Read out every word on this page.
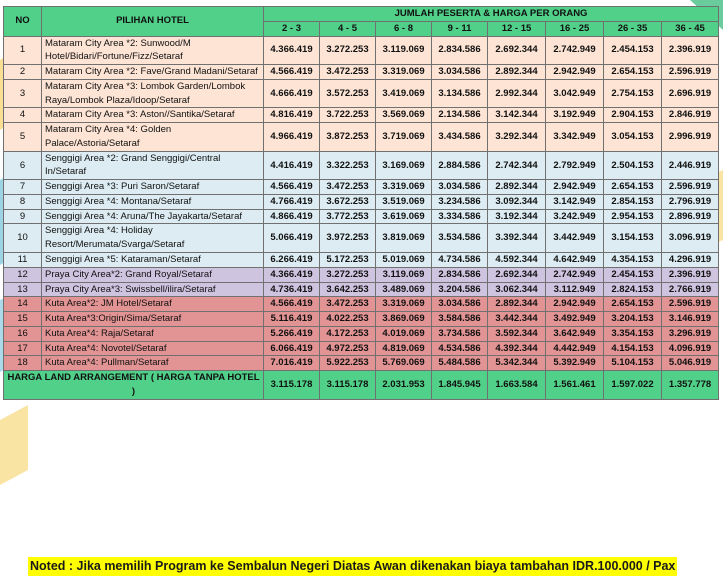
NO	PILIHAN HOTEL	JUMLAH PESERTA & HARGA PER ORANG							
		2 - 3	4 - 5	6 - 8	9 - 11	12 - 15	16 - 25	26 - 35	36 - 45
1	Mataram City Area *2: Sunwood/M Hotel/Bidari/Fortune/Fizz/Setaraf	4.366.419	3.272.253	3.119.069	2.834.586	2.692.344	2.742.949	2.454.153	2.396.919
2	Mataram City Area *2: Fave/Grand Madani/Setaraf	4.566.419	3.472.253	3.319.069	3.034.586	2.892.344	2.942.949	2.654.153	2.596.919
3	Mataram City Area *3: Lombok Garden/Lombok Raya/Lombok Plaza/Idoop/Setaraf	4.666.419	3.572.253	3.419.069	3.134.586	2.992.344	3.042.949	2.754.153	2.696.919
4	Mataram City Area *3: Aston//Santika/Setaraf	4.816.419	3.722.253	3.569.069	2.134.586	3.142.344	3.192.949	2.904.153	2.846.919
5	Mataram City Area *4: Golden Palace/Astoria/Setaraf	4.966.419	3.872.253	3.719.069	3.434.586	3.292.344	3.342.949	3.054.153	2.996.919
6	Senggigi Area *2: Grand Senggigi/Central In/Setaraf	4.416.419	3.322.253	3.169.069	2.884.586	2.742.344	2.792.949	2.504.153	2.446.919
7	Senggigi Area *3: Puri Saron/Setaraf	4.566.419	3.472.253	3.319.069	3.034.586	2.892.344	2.942.949	2.654.153	2.596.919
8	Senggigi Area *4: Montana/Setaraf	4.766.419	3.672.253	3.519.069	3.234.586	3.092.344	3.142.949	2.854.153	2.796.919
9	Senggigi Area *4: Aruna/The Jayakarta/Setaraf	4.866.419	3.772.253	3.619.069	3.334.586	3.192.344	3.242.949	2.954.153	2.896.919
10	Senggigi Area *4: Holiday Resort/Merumata/Svarga/Setaraf	5.066.419	3.972.253	3.819.069	3.534.586	3.392.344	3.442.949	3.154.153	3.096.919
11	Senggigi Area *5: Kataraman/Setaraf	6.266.419	5.172.253	5.019.069	4.734.586	4.592.344	4.642.949	4.354.153	4.296.919
12	Praya City Area*2: Grand Royal/Setaraf	4.366.419	3.272.253	3.119.069	2.834.586	2.692.344	2.742.949	2.454.153	2.396.919
13	Praya City Area*3: Swissbell/ilira/Setaraf	4.736.419	3.642.253	3.489.069	3.204.586	3.062.344	3.112.949	2.824.153	2.766.919
14	Kuta Area*2: JM Hotel/Setaraf	4.566.419	3.472.253	3.319.069	3.034.586	2.892.344	2.942.949	2.654.153	2.596.919
15	Kuta Area*3:Origin/Sima/Setaraf	5.116.419	4.022.253	3.869.069	3.584.586	3.442.344	3.492.949	3.204.153	3.146.919
16	Kuta Area*4: Raja/Setaraf	5.266.419	4.172.253	4.019.069	3.734.586	3.592.344	3.642.949	3.354.153	3.296.919
17	Kuta Area*4: Novotel/Setaraf	6.066.419	4.972.253	4.819.069	4.534.586	4.392.344	4.442.949	4.154.153	4.096.919
18	Kuta Area*4: Pullman/Setaraf	7.016.419	5.922.253	5.769.069	5.484.586	5.342.344	5.392.949	5.104.153	5.046.919
HARGA LAND ARRANGEMENT ( HARGA TANPA HOTEL )		3.115.178	3.115.178	2.031.953	1.845.945	1.663.584	1.561.461	1.597.022	1.357.778
Noted : Jika memilih Program ke Sembalun Negeri Diatas Awan dikenakan biaya tambahan IDR.100.000 / Pax
